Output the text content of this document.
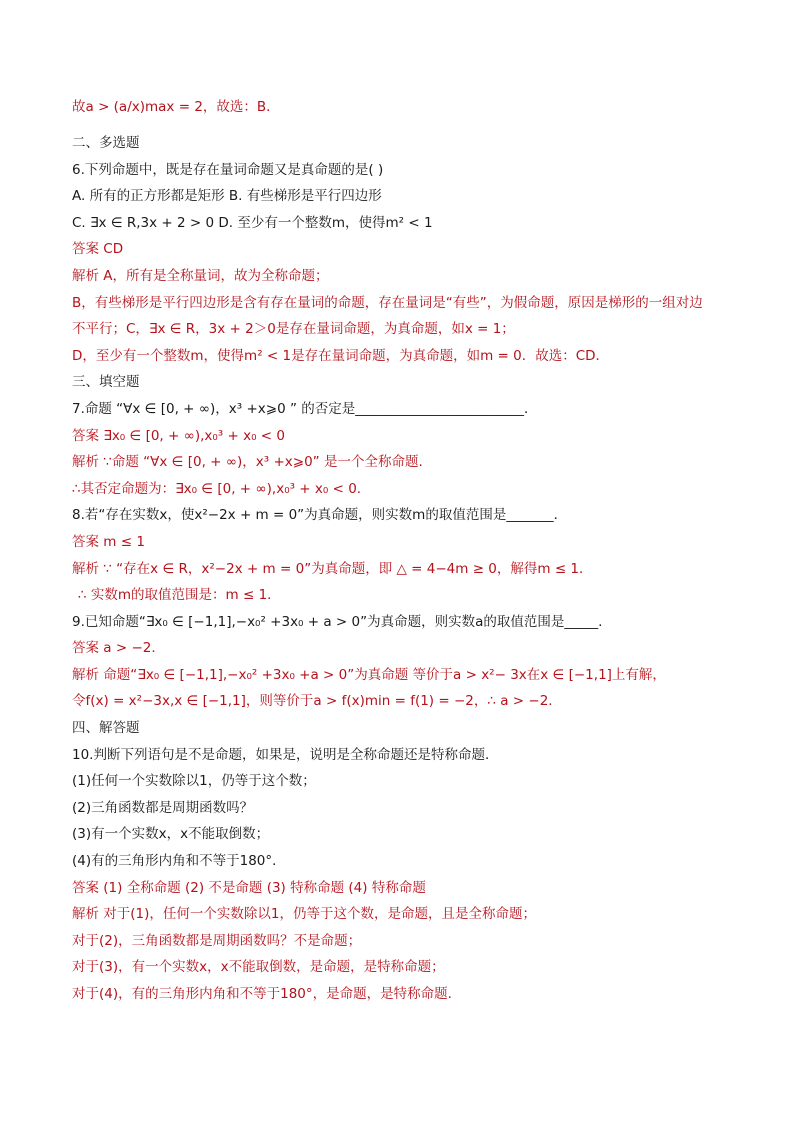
故a > (a/x)max = 2，故选：B．
二、多选题
6.下列命题中，既是存在量词命题又是真命题的是( )
A. 所有的正方形都是矩形 B. 有些梯形是平行四边形
C. ∃x ∈ R,3x + 2 > 0 D. 至少有一个整数m，使得m² < 1
答案 CD
解析 A，所有是全称量词，故为全称命题；
B，有些梯形是平行四边形是含有存在量词的命题，存在量词是“有些”，为假命题，原因是梯形的一组对边
不平行；C，∃x ∈ R，3x + 2＞0是存在量词命题，为真命题，如x = 1；
D，至少有一个整数m，使得m² < 1是存在量词命题，为真命题，如m = 0．故选：CD．
三、填空题
7.命题 “∀x ∈ [0, + ∞)，x³ +x⩾0 ” 的否定是_________________________．
答案 ∃x₀ ∈ [0, + ∞),x₀³ + x₀ < 0
解析 ∵命题 “∀x ∈ [0, + ∞)，x³ +x⩾0” 是一个全称命题.
∴其否定命题为：∃x₀ ∈ [0, + ∞),x₀³ + x₀ < 0.
8.若“存在实数x，使x²−2x + m = 0”为真命题，则实数m的取值范围是_______．
答案 m ≤ 1
解析 ∵ “存在x ∈ R，x²−2x + m = 0”为真命题，即 △ = 4−4m ≥ 0，解得m ≤ 1．
∴ 实数m的取值范围是：m ≤ 1．
9.已知命题“∃x₀ ∈ [−1,1],−x₀² +3x₀ + a > 0”为真命题，则实数a的取值范围是_____.
答案 a > −2.
解析 命题“∃x₀ ∈ [−1,1],−x₀² +3x₀ +a > 0”为真命题 等价于a > x²− 3x在x ∈ [−1,1]上有解，
令f(x) = x²−3x,x ∈ [−1,1]，则等价于a > f(x)min = f(1) = −2，∴ a > −2.
四、解答题
10.判断下列语句是不是命题，如果是，说明是全称命题还是特称命题．
(1)任何一个实数除以1，仍等于这个数；
(2)三角函数都是周期函数吗？
(3)有一个实数x，x不能取倒数；
(4)有的三角形内角和不等于180°．
答案 (1) 全称命题 (2) 不是命题 (3) 特称命题 (4) 特称命题
解析 对于(1)，任何一个实数除以1，仍等于这个数，是命题，且是全称命题；
对于(2)，三角函数都是周期函数吗？不是命题；
对于(3)，有一个实数x，x不能取倒数，是命题，是特称命题；
对于(4)，有的三角形内角和不等于180°，是命题，是特称命题．
